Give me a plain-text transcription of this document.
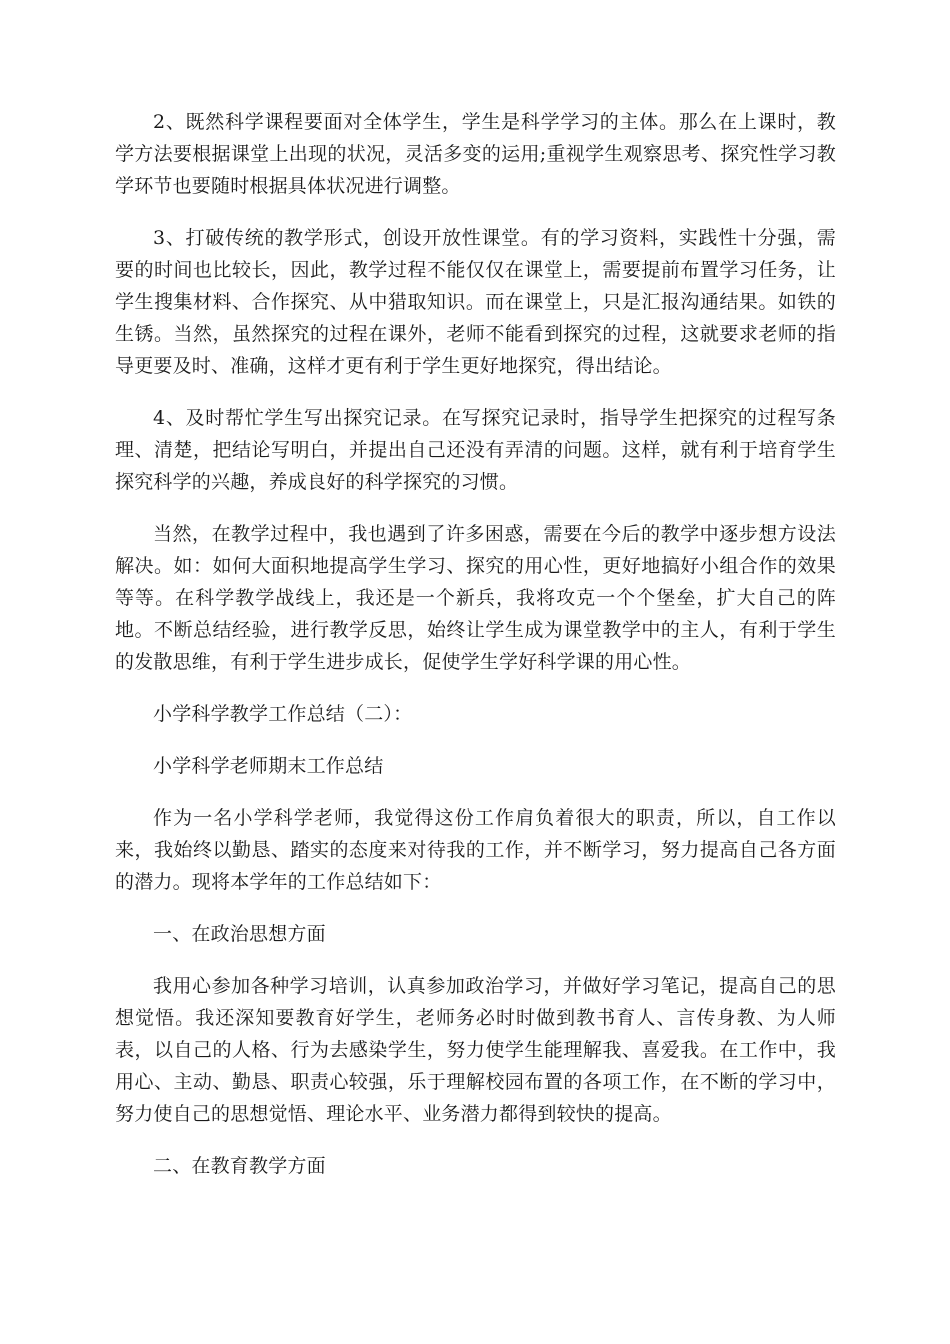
2、既然科学课程要面对全体学生，学生是科学学习的主体。那么在上课时，教学方法要根据课堂上出现的状况，灵活多变的运用;重视学生观察思考、探究性学习教学环节也要随时根据具体状况进行调整。

3、打破传统的教学形式，创设开放性课堂。有的学习资料，实践性十分强，需要的时间也比较长，因此，教学过程不能仅仅在课堂上，需要提前布置学习任务，让学生搜集材料、合作探究、从中猎取知识。而在课堂上，只是汇报沟通结果。如铁的生锈。当然，虽然探究的过程在课外，老师不能看到探究的过程，这就要求老师的指导更要及时、准确，这样才更有利于学生更好地探究，得出结论。

4、及时帮忙学生写出探究记录。在写探究记录时，指导学生把探究的过程写条理、清楚，把结论写明白，并提出自己还没有弄清的问题。这样，就有利于培育学生探究科学的兴趣，养成良好的科学探究的习惯。

当然，在教学过程中，我也遇到了许多困惑，需要在今后的教学中逐步想方设法解决。如：如何大面积地提高学生学习、探究的用心性，更好地搞好小组合作的效果等等。在科学教学战线上，我还是一个新兵，我将攻克一个个堡垒，扩大自己的阵地。不断总结经验，进行教学反思，始终让学生成为课堂教学中的主人，有利于学生的发散思维，有利于学生进步成长，促使学生学好科学课的用心性。

小学科学教学工作总结（二）：

小学科学老师期末工作总结

作为一名小学科学老师，我觉得这份工作肩负着很大的职责，所以，自工作以来，我始终以勤恳、踏实的态度来对待我的工作，并不断学习，努力提高自己各方面的潜力。现将本学年的工作总结如下：

一、在政治思想方面

我用心参加各种学习培训，认真参加政治学习，并做好学习笔记，提高自己的思想觉悟。我还深知要教育好学生，老师务必时时做到教书育人、言传身教、为人师表，以自己的人格、行为去感染学生，努力使学生能理解我、喜爱我。在工作中，我用心、主动、勤恳、职责心较强，乐于理解校园布置的各项工作，在不断的学习中，努力使自己的思想觉悟、理论水平、业务潜力都得到较快的提高。

二、在教育教学方面
